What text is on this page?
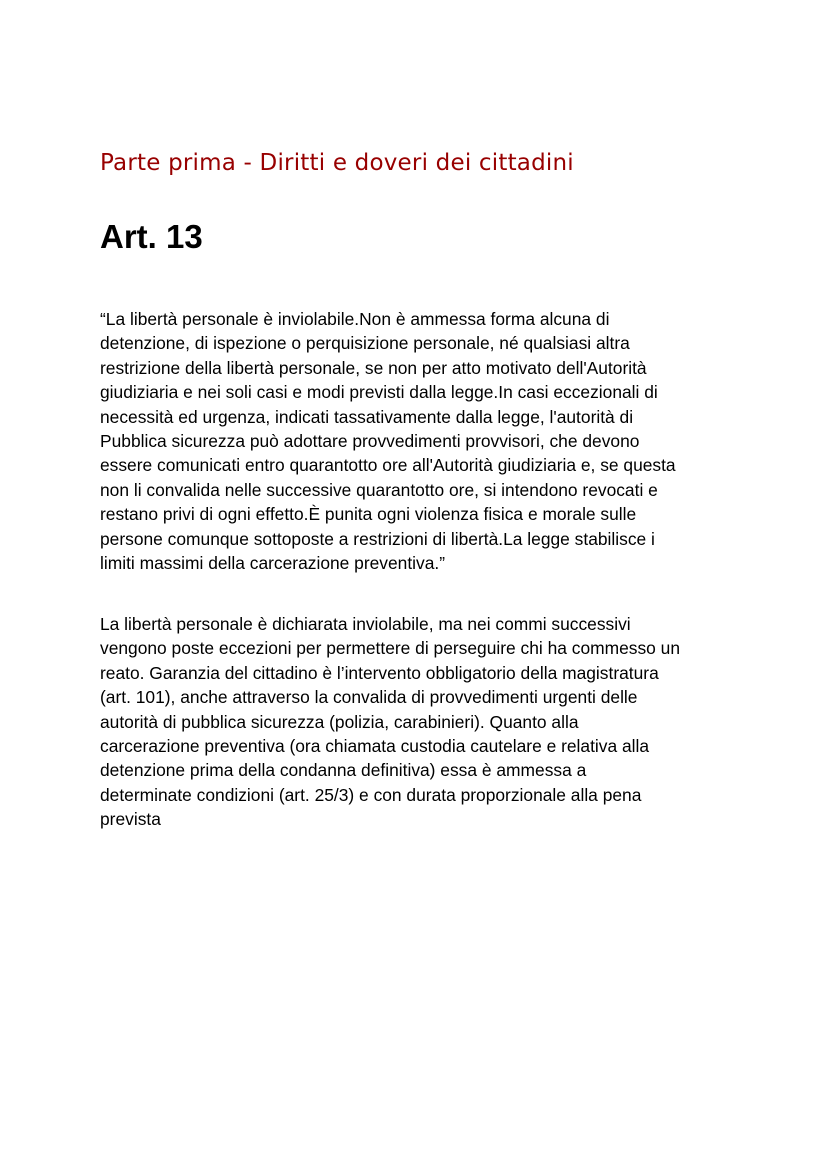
Parte prima - Diritti e doveri dei cittadini
Art. 13

“La libertà personale è inviolabile.Non è ammessa forma alcuna di
detenzione, di ispezione o perquisizione personale, né qualsiasi altra
restrizione della libertà personale, se non per atto motivato dell'Autorità
giudiziaria e nei soli casi e modi previsti dalla legge.In casi eccezionali di
necessità ed urgenza, indicati tassativamente dalla legge, l'autorità di
Pubblica sicurezza può adottare provvedimenti provvisori, che devono
essere comunicati entro quarantotto ore all'Autorità giudiziaria e, se questa
non li convalida nelle successive quarantotto ore, si intendono revocati e
restano privi di ogni effetto.È punita ogni violenza fisica e morale sulle
persone comunque sottoposte a restrizioni di libertà.La legge stabilisce i
limiti massimi della carcerazione preventiva.”

La libertà personale è dichiarata inviolabile, ma nei commi successivi
vengono poste eccezioni per permettere di perseguire chi ha commesso un
reato. Garanzia del cittadino è l’intervento obbligatorio della magistratura
(art. 101), anche attraverso la convalida di provvedimenti urgenti delle
autorità di pubblica sicurezza (polizia, carabinieri). Quanto alla
carcerazione preventiva (ora chiamata custodia cautelare e relativa alla
detenzione prima della condanna definitiva) essa è ammessa a
determinate condizioni (art. 25/3) e con durata proporzionale alla pena
prevista
